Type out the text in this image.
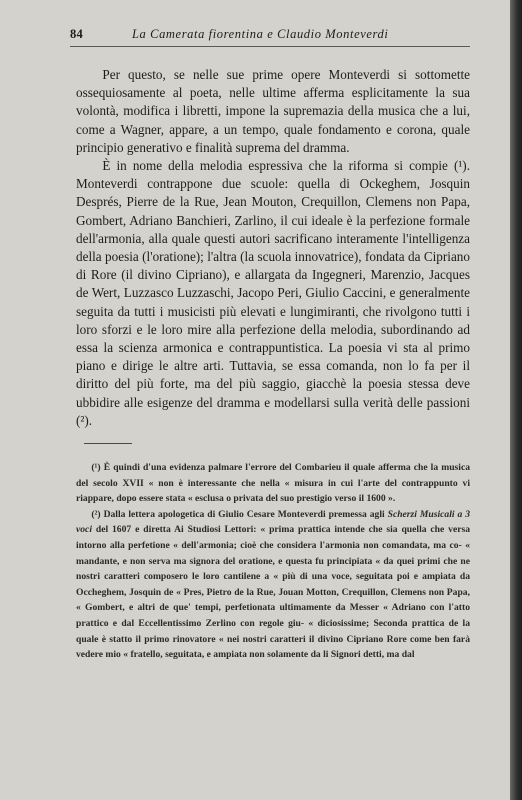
84	La Camerata fiorentina e Claudio Monteverdi

Per questo, se nelle sue prime opere Monteverdi si sottomette ossequiosamente al poeta, nelle ultime afferma esplicitamente la sua volontà, modifica i libretti, impone la supremazia della musica che a lui, come a Wagner, appare, a un tempo, quale fondamento e corona, quale principio generativo e finalità suprema del dramma.

È in nome della melodia espressiva che la riforma si compie (¹). Monteverdi contrappone due scuole: quella di Ockeghem, Josquin Després, Pierre de la Rue, Jean Mouton, Crequillon, Clemens non Papa, Gombert, Adriano Banchieri, Zarlino, il cui ideale è la perfezione formale dell'armonia, alla quale questi autori sacrificano interamente l'intelligenza della poesia (l'oratione); l'altra (la scuola innovatrice), fondata da Cipriano di Rore (il divino Cipriano), e allargata da Ingegneri, Marenzio, Jacques de Wert, Luzzasco Luzzaschi, Jacopo Peri, Giulio Caccini, e generalmente seguita da tutti i musicisti più elevati e lungimiranti, che rivolgono tutti i loro sforzi e le loro mire alla perfezione della melodia, subordinando ad essa la scienza armonica e contrappuntistica. La poesia vi sta al primo piano e dirige le altre arti. Tuttavia, se essa comanda, non lo fa per il diritto del più forte, ma del più saggio, giacchè la poesia stessa deve ubbidire alle esigenze del dramma e modellarsi sulla verità delle passioni (²).

(¹) È quindi d'una evidenza palmare l'errore del Combarieu il quale afferma che la musica del secolo XVII « non è interessante che nella « misura in cui l'arte del contrappunto vi riappare, dopo essere stata « esclusa o privata del suo prestigio verso il 1600 ».

(²) Dalla lettera apologetica di Giulio Cesare Monteverdi premessa agli Scherzi Musicali a 3 voci del 1607 e diretta Ai Studiosi Lettori: « prima prattica intende che sia quella che versa intorno alla perfetione « dell'armonia; cioè che considera l'armonia non comandata, ma co- « mandante, e non serva ma signora del oratione, e questa fu principiata « da quei primi che ne nostri caratteri composero le loro cantilene a « più di una voce, seguitata poi e ampiata da Occheghem, Josquin de « Pres, Pietro de la Rue, Jouan Motton, Crequillon, Clemens non Papa, « Gombert, e altri de que' tempi, perfetionata ultimamente da Messer « Adriano con l'atto prattico e dal Eccellentissimo Zerlino con regole giu- « diciosissime; Seconda prattica de la quale è statto il primo rinovatore « nei nostri caratteri il divino Cipriano Rore come ben farà vedere mio « fratello, seguitata, e ampiata non solamente da li Signori detti, ma dal
